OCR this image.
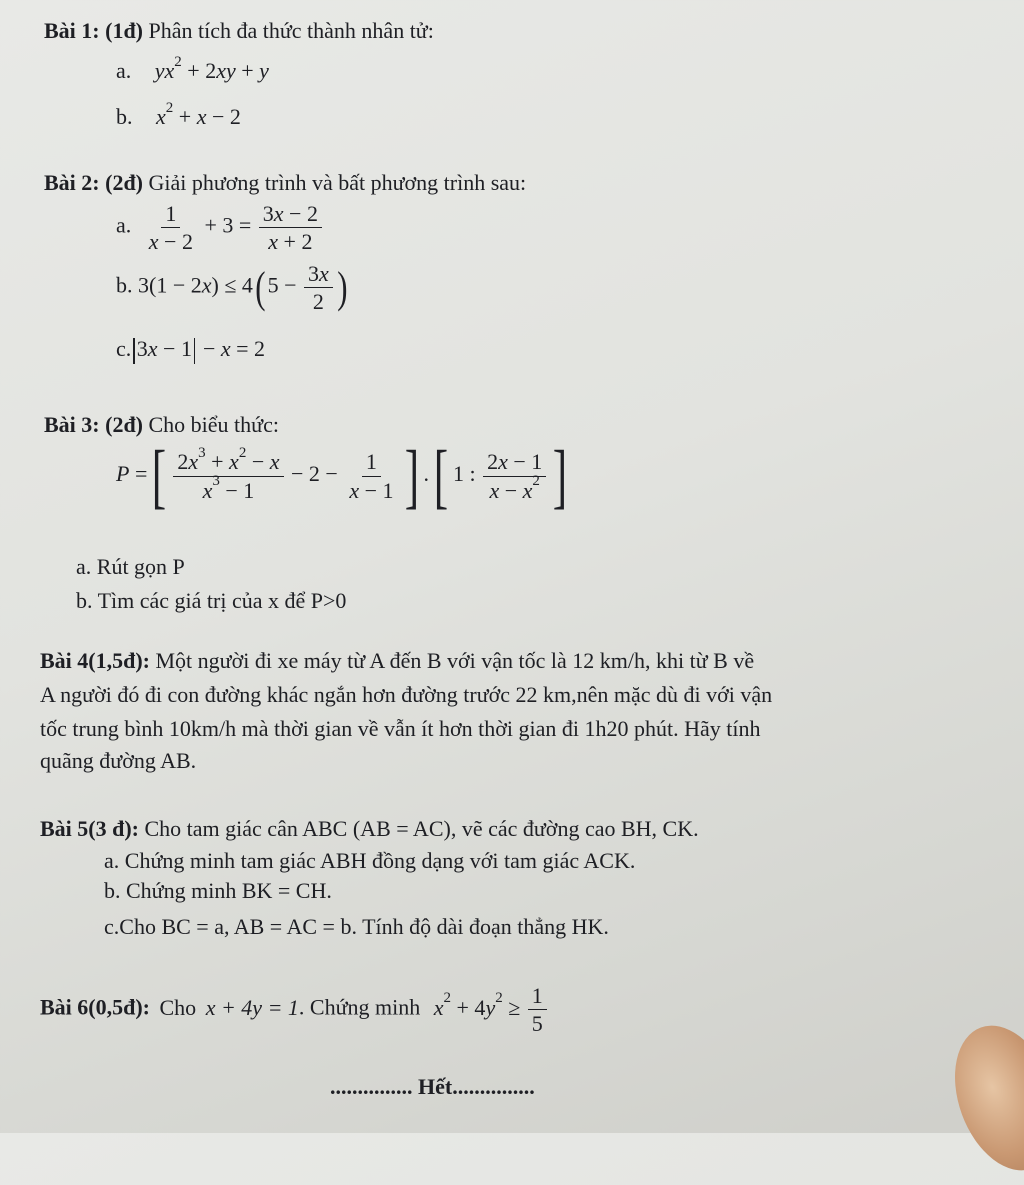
Bài 1: (1đ) Phân tích đa thức thành nhân tử:
a. $yx^2 + 2xy + y$
b. $x^2 + x - 2$
Bài 2: (2đ) Giải phương trình và bất phương trình sau:
a. $\frac{1}{x - 2} + 3 = \frac{3x - 2}{x + 2}$
b. $3(1 - 2x) \le 4(5 - \frac{3x}{2}$ )
c. 3x − 1 − x = 2
Bài 3: (2đ) Cho biểu thức:
P =[ $\frac{2x^3 + x^2 - x}{x^3 - 1} - 2 - \frac{1}{x - 1}$ ] .[ 1 : $\frac{2x - 1}{x - x^2}$ ]
a. Rút gọn P
b. Tìm các giá trị của x để P>0
Bài 4(1,5đ): Một người đi xe máy từ A đến B với vận tốc là 12 km/h, khi từ B về
A người đó đi con đường khác ngắn hơn đường trước 22 km,nên mặc dù đi với vận
tốc trung bình 10km/h mà thời gian về vẫn ít hơn thời gian đi 1h20 phút. Hãy tính
quãng đường AB.
Bài 5(3 đ): Cho tam giác cân ABC (AB = AC), vẽ các đường cao BH, CK.
a. Chứng minh tam giác ABH đồng dạng với tam giác ACK.
b. Chứng minh BK = CH.
c.Cho BC = a, AB = AC = b. Tính độ dài đoạn thẳng HK.
Bài 6(0,5đ): Cho x + 4y = 1. Chứng minh $x^2 + 4y^2 \ge \frac{1}{5}$
............... Hết...............
